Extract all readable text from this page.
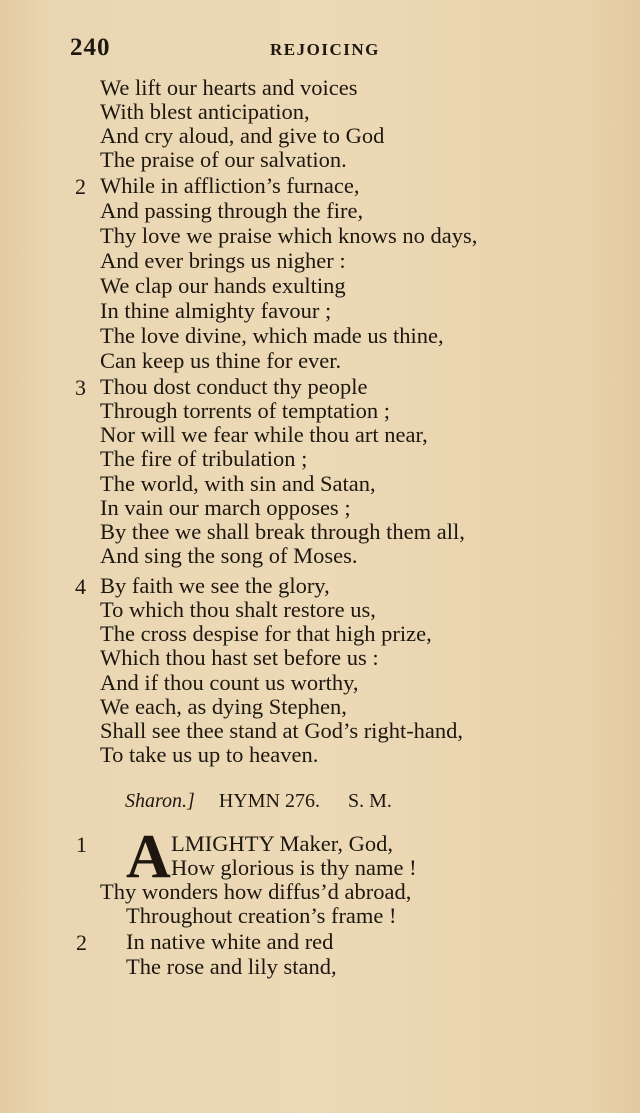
240	REJOICING
We lift our hearts and voices
With blest anticipation,
And cry aloud, and give to God
The praise of our salvation.
2 While in affliction’s furnace,
And passing through the fire,
Thy love we praise which knows no days,
And ever brings us nigher :
We clap our hands exulting
In thine almighty favour ;
The love divine, which made us thine,
Can keep us thine for ever.
3 Thou dost conduct thy people
Through torrents of temptation ;
Nor will we fear while thou art near,
The fire of tribulation ;
The world, with sin and Satan,
In vain our march opposes ;
By thee we shall break through them all,
And sing the song of Moses.
4 By faith we see the glory,
To which thou shalt restore us,
The cross despise for that high prize,
Which thou hast set before us :
And if thou count us worthy,
We each, as dying Stephen,
Shall see thee stand at God’s right-hand,
To take us up to heaven.
Sharon.] HYMN 276. S. M.
1 A LMIGHTY Maker, God,
How glorious is thy name !
Thy wonders how diffus’d abroad,
Throughout creation’s frame !
2 In native white and red
The rose and lily stand,
